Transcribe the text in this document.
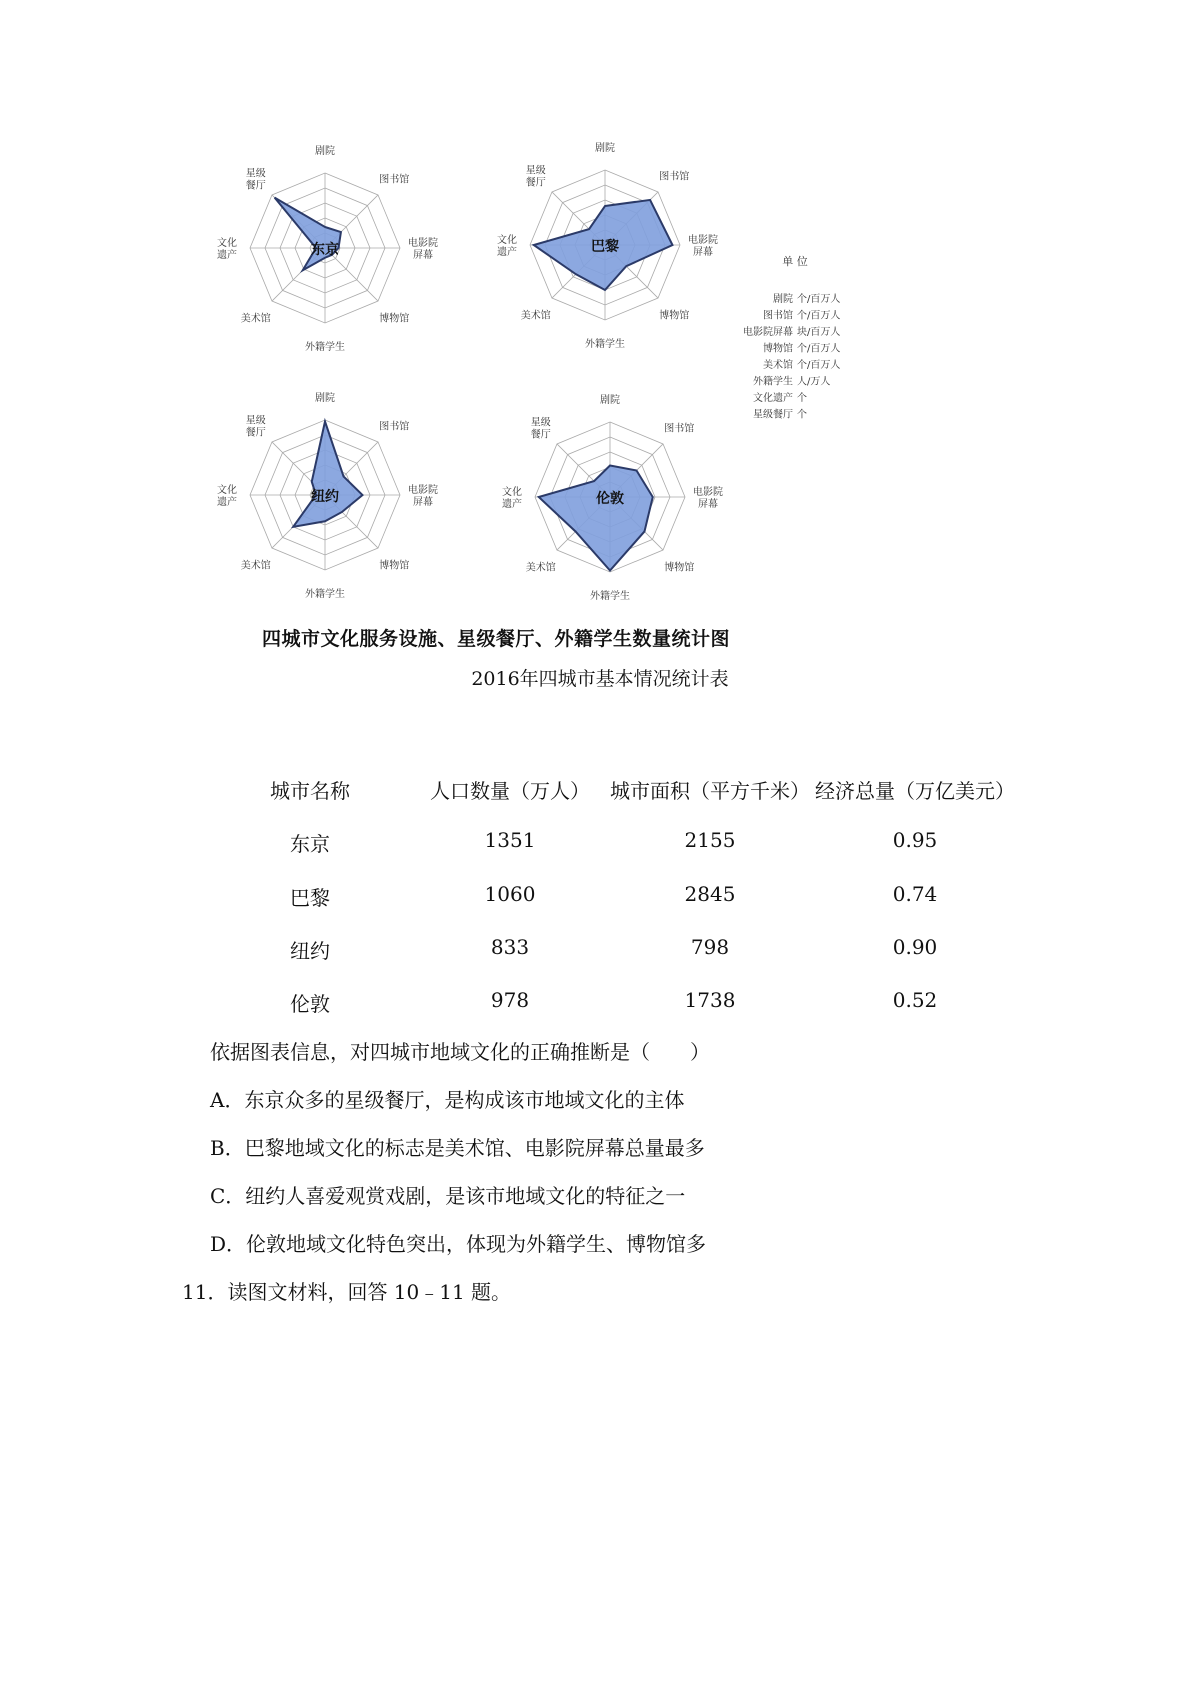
剧院
图书馆
电影院屏幕
博物馆
外籍学生
美术馆
文化遗产
星级餐厅
东京
剧院
图书馆
电影院屏幕
博物馆
外籍学生
美术馆
文化遗产
星级餐厅
巴黎
剧院
图书馆
电影院屏幕
博物馆
外籍学生
美术馆
文化遗产
星级餐厅
纽约
剧院
图书馆
电影院屏幕
博物馆
外籍学生
美术馆
文化遗产
星级餐厅
伦敦
单 位
剧院 个/百万人
图书馆 个/百万人
电影院屏幕 块/百万人
博物馆 个/百万人
美术馆 个/百万人
外籍学生 人/万人
文化遗产 个
星级餐厅 个
四城市文化服务设施、星级餐厅、外籍学生数量统计图
2016年四城市基本情况统计表
城市名称	人口数量（万人）	城市面积（平方千米） 经济总量（万亿美元）
东京	1351	2155	0.95
巴黎	1060	2845	0.74
纽约	833	798	0.90
伦敦	978	1738	0.52
依据图表信息，对四城市地域文化的正确推断是（　　）
A．东京众多的星级餐厅，是构成该市地域文化的主体
B．巴黎地域文化的标志是美术馆、电影院屏幕总量最多
C．纽约人喜爱观赏戏剧，是该市地域文化的特征之一
D．伦敦地域文化特色突出，体现为外籍学生、博物馆多
11．读图文材料，回答 10﹣11 题。
